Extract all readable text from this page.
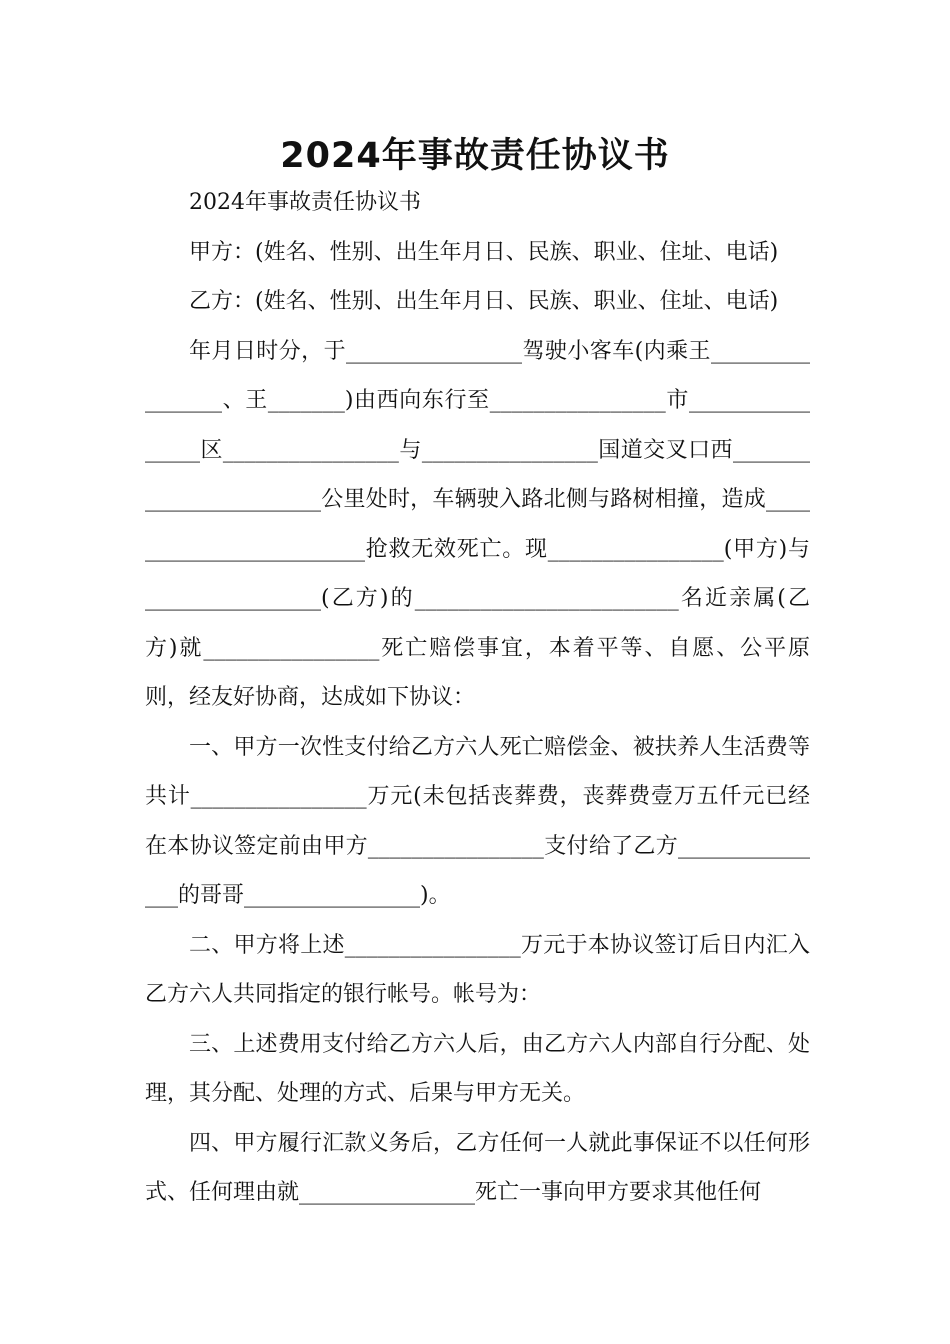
2024年事故责任协议书

2024年事故责任协议书

甲方：(姓名、性别、出生年月日、民族、职业、住址、电话)

乙方：(姓名、性别、出生年月日、民族、职业、住址、电话)

年月日时分，于________________驾驶小客车(内乘王________________、王_______)由西向东行至________________市________________区________________与________________国道交叉口西_______________________公里处时，车辆驶入路北侧与路树相撞，造成________________________抢救无效死亡。现________________(甲方)与________________(乙方)的________________________名近亲属(乙方)就________________死亡赔偿事宜，本着平等、自愿、公平原则，经友好协商，达成如下协议：

一、甲方一次性支付给乙方六人死亡赔偿金、被扶养人生活费等共计________________万元(未包括丧葬费，丧葬费壹万五仟元已经在本协议签定前由甲方________________支付给了乙方_______________的哥哥________________)。

二、甲方将上述________________万元于本协议签订后日内汇入乙方六人共同指定的银行帐号。帐号为：

三、上述费用支付给乙方六人后，由乙方六人内部自行分配、处理，其分配、处理的方式、后果与甲方无关。

四、甲方履行汇款义务后，乙方任何一人就此事保证不以任何形式、任何理由就________________死亡一事向甲方要求其他任何
